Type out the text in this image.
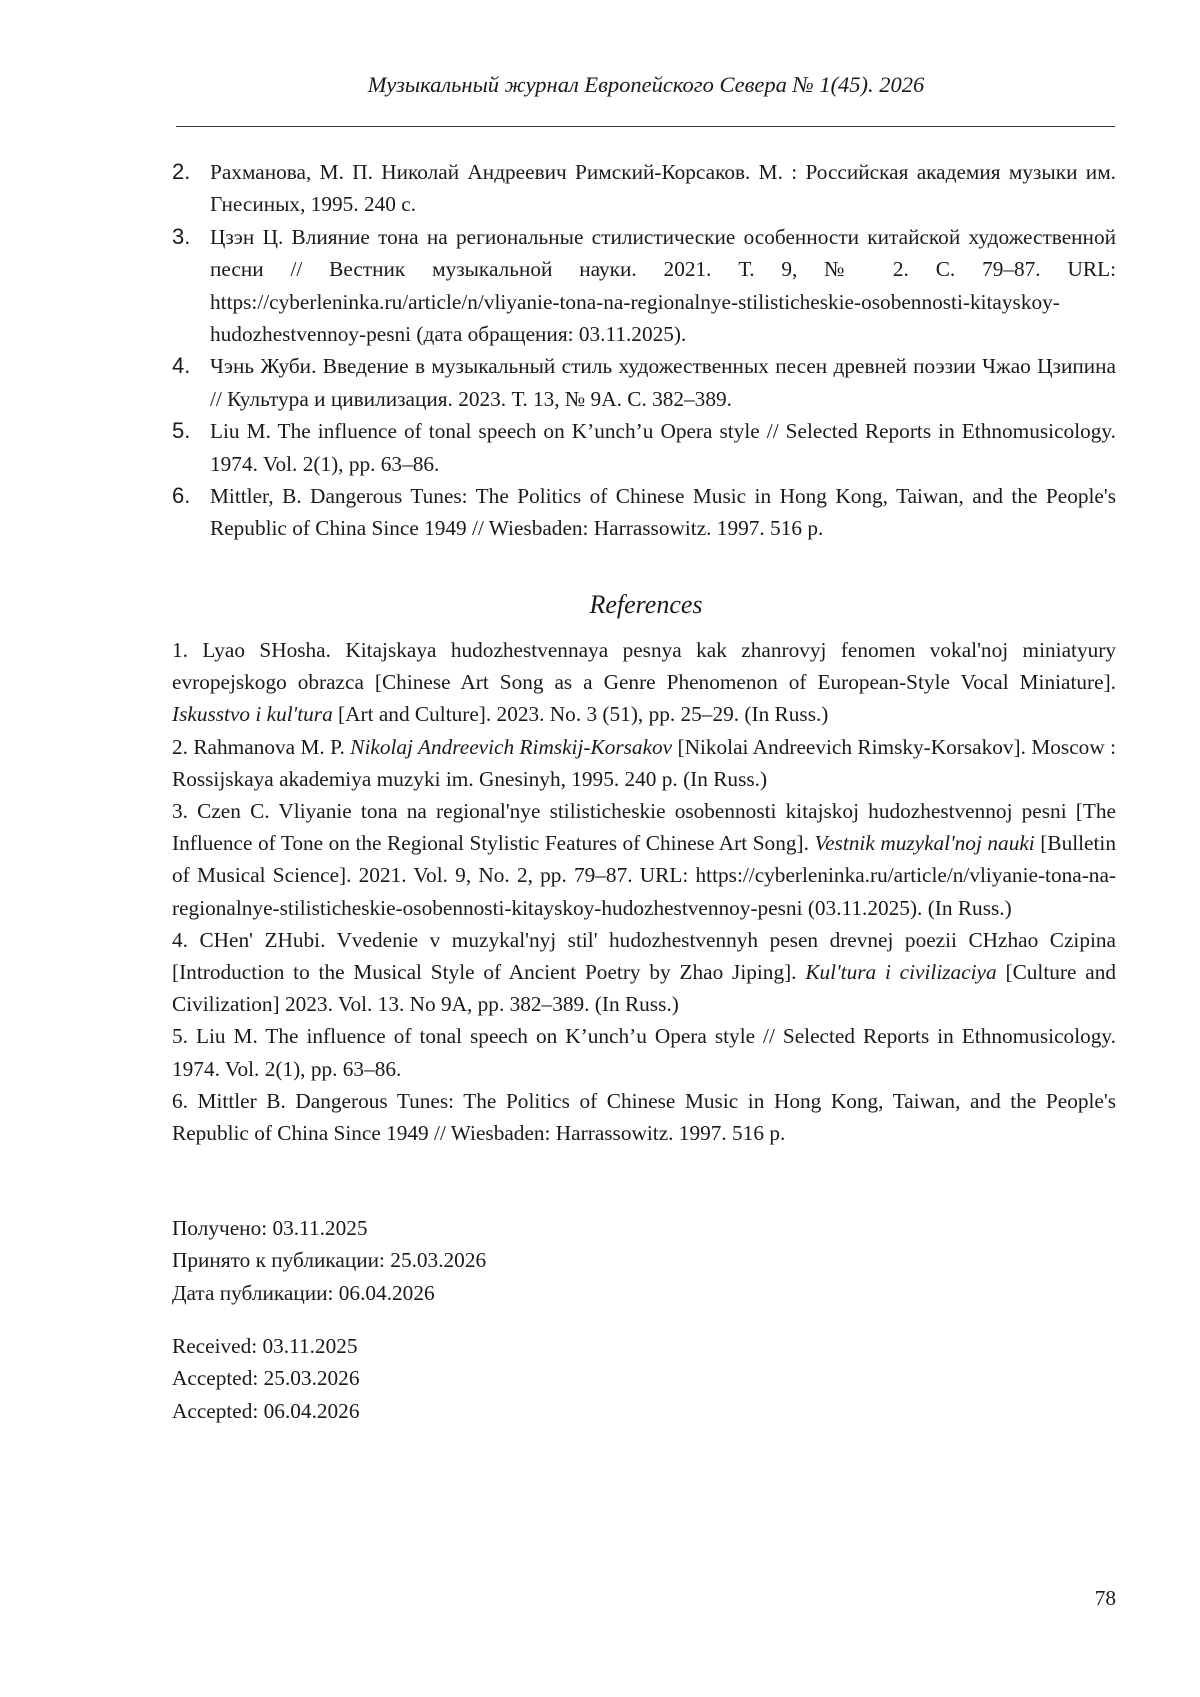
Музыкальный журнал Европейского Севера № 1(45). 2026
2. Рахманова, М. П. Николай Андреевич Римский-Корсаков. М. : Российская академия музыки им. Гнесиных, 1995. 240 с.
3. Цзэн Ц. Влияние тона на региональные стилистические особенности китайской художественной песни // Вестник музыкальной науки. 2021. Т. 9, № 2. С. 79–87. URL: https://cyberleninka.ru/article/n/vliyanie-tona-na-regionalnye-stilisticheskie-osobennosti-kitayskoy-hudozhestvennoy-pesni (дата обращения: 03.11.2025).
4. Чэнь Жуби. Введение в музыкальный стиль художественных песен древней поэзии Чжао Цзипина // Культура и цивилизация. 2023. Т. 13, № 9А. С. 382–389.
5. Liu M. The influence of tonal speech on K’unch’u Opera style // Selected Reports in Ethnomusicology. 1974. Vol. 2(1), pp. 63–86.
6. Mittler, B. Dangerous Tunes: The Politics of Chinese Music in Hong Kong, Taiwan, and the People's Republic of China Since 1949 // Wiesbaden: Harrassowitz. 1997. 516 p.
References
1. Lyao SHosha. Kitajskaya hudozhestvennaya pesnya kak zhanrovyj fenomen vokal'noj miniatyury evropejskogo obrazca [Chinese Art Song as a Genre Phenomenon of European-Style Vocal Miniature]. Iskusstvo i kul'tura [Art and Culture]. 2023. No. 3 (51), pp. 25–29. (In Russ.)
2. Rahmanova M. P. Nikolaj Andreevich Rimskij-Korsakov [Nikolai Andreevich Rimsky-Korsakov]. Moscow : Rossijskaya akademiya muzyki im. Gnesinyh, 1995. 240 p. (In Russ.)
3. Czen C. Vliyanie tona na regional'nye stilisticheskie osobennosti kitajskoj hudozhestvennoj pesni [The Influence of Tone on the Regional Stylistic Features of Chinese Art Song]. Vestnik muzykal'noj nauki [Bulletin of Musical Science]. 2021. Vol. 9, No. 2, pp. 79–87. URL: https://cyberleninka.ru/article/n/vliyanie-tona-na-regionalnye-stilisticheskie-osobennosti-kitayskoy-hudozhestvennoy-pesni (03.11.2025). (In Russ.)
4. CHen' ZHubi. Vvedenie v muzykal'nyj stil' hudozhestvennyh pesen drevnej poezii CHzhao Czipina [Introduction to the Musical Style of Ancient Poetry by Zhao Jiping]. Kul'tura i civilizaciya [Culture and Civilization] 2023. Vol. 13. No 9A, pp. 382–389. (In Russ.)
5. Liu M. The influence of tonal speech on K’unch’u Opera style // Selected Reports in Ethnomusicology. 1974. Vol. 2(1), pp. 63–86.
6. Mittler B. Dangerous Tunes: The Politics of Chinese Music in Hong Kong, Taiwan, and the People's Republic of China Since 1949 // Wiesbaden: Harrassowitz. 1997. 516 p.
Получено: 03.11.2025
Принято к публикации: 25.03.2026
Дата публикации: 06.04.2026
Received: 03.11.2025
Accepted: 25.03.2026
Accepted: 06.04.2026
78
